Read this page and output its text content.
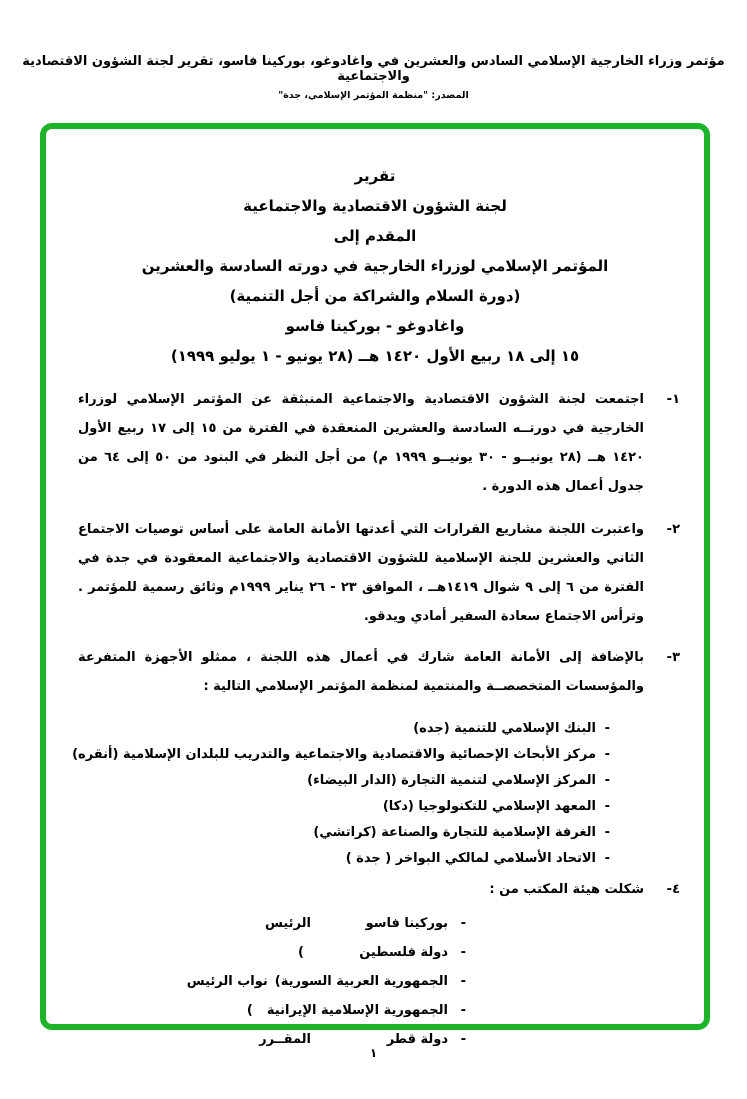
مؤتمر وزراء الخارجية الإسلامي السادس والعشرين في واغادوغو، بوركينا فاسو، تقرير لجنة الشؤون الاقتصادية والاجتماعية
المصدر: "منظمة المؤتمر الإسلامي، جدة"
تقرير
لجنة الشؤون الاقتصادية والاجتماعية
المقدم إلى
المؤتمر الإسلامي لوزراء الخارجية في دورته السادسة والعشرين
(دورة السلام والشراكة من أجل التنمية)
واغادوغو - بوركينا فاسو
١٥ إلى ١٨ ربيع الأول ١٤٢٠ هــ (٢٨ يونيو - ١ يوليو ١٩٩٩)
١-
اجتمعت لجنة الشؤون الاقتصادية والاجتماعية المنبثقة عن المؤتمر الإسلامي لوزراء الخارجية في دورتــه السادسة والعشرين المنعقدة في الفترة من ١٥ إلى ١٧ ربيع الأول ١٤٢٠ هــ (٢٨ يونيــو - ٣٠ يونيــو ١٩٩٩ م) من أجل النظر في البنود من ٥٠ إلى ٦٤ من جدول أعمال هذه الدورة .
٢-
واعتبرت اللجنة مشاريع القرارات التي أعدتها الأمانة العامة على أساس توصيات الاجتماع الثاني والعشرين للجنة الإسلامية للشؤون الاقتصادية والاجتماعية المعقودة في جدة في الفترة من ٦ إلى ٩ شوال ١٤١٩هــ ، الموافق ٢٣ - ٢٦ يناير ١٩٩٩م وثائق رسمية للمؤتمر . وترأس الاجتماع سعادة السفير أمادي ويدقو.
٣-
بالإضافة إلى الأمانة العامة شارك في أعمال هذه اللجنة ، ممثلو الأجهزة المتفرعة والمؤسسات المتخصصــة والمنتمية لمنظمة المؤتمر الإسلامي التالية :
-
البنك الإسلامي للتنمية (جده)
-
مركز الأبحاث الإحصائية والاقتصادية والاجتماعية والتدريب للبلدان الإسلامية (أنقره)
-
المركز الإسلامي لتنمية التجارة (الدار البيضاء)
-
المعهد الإسلامي للتكنولوجيا (دكا)
-
الغرفة الإسلامية للتجارة والصناعة (كراتشي)
-
الاتحاد الأسلامي لمالكي البواخر ( جدة )
٤-
شكلت هيئة المكتب من :
-
بوركينا فاسو
الرئيس
-
دولة فلسطين
(
-
الجمهورية العربية السورية
(
نواب الرئيس
-
الجمهورية الإسلامية الإيرانية
(
-
دولة قطر
المقــرر
١
